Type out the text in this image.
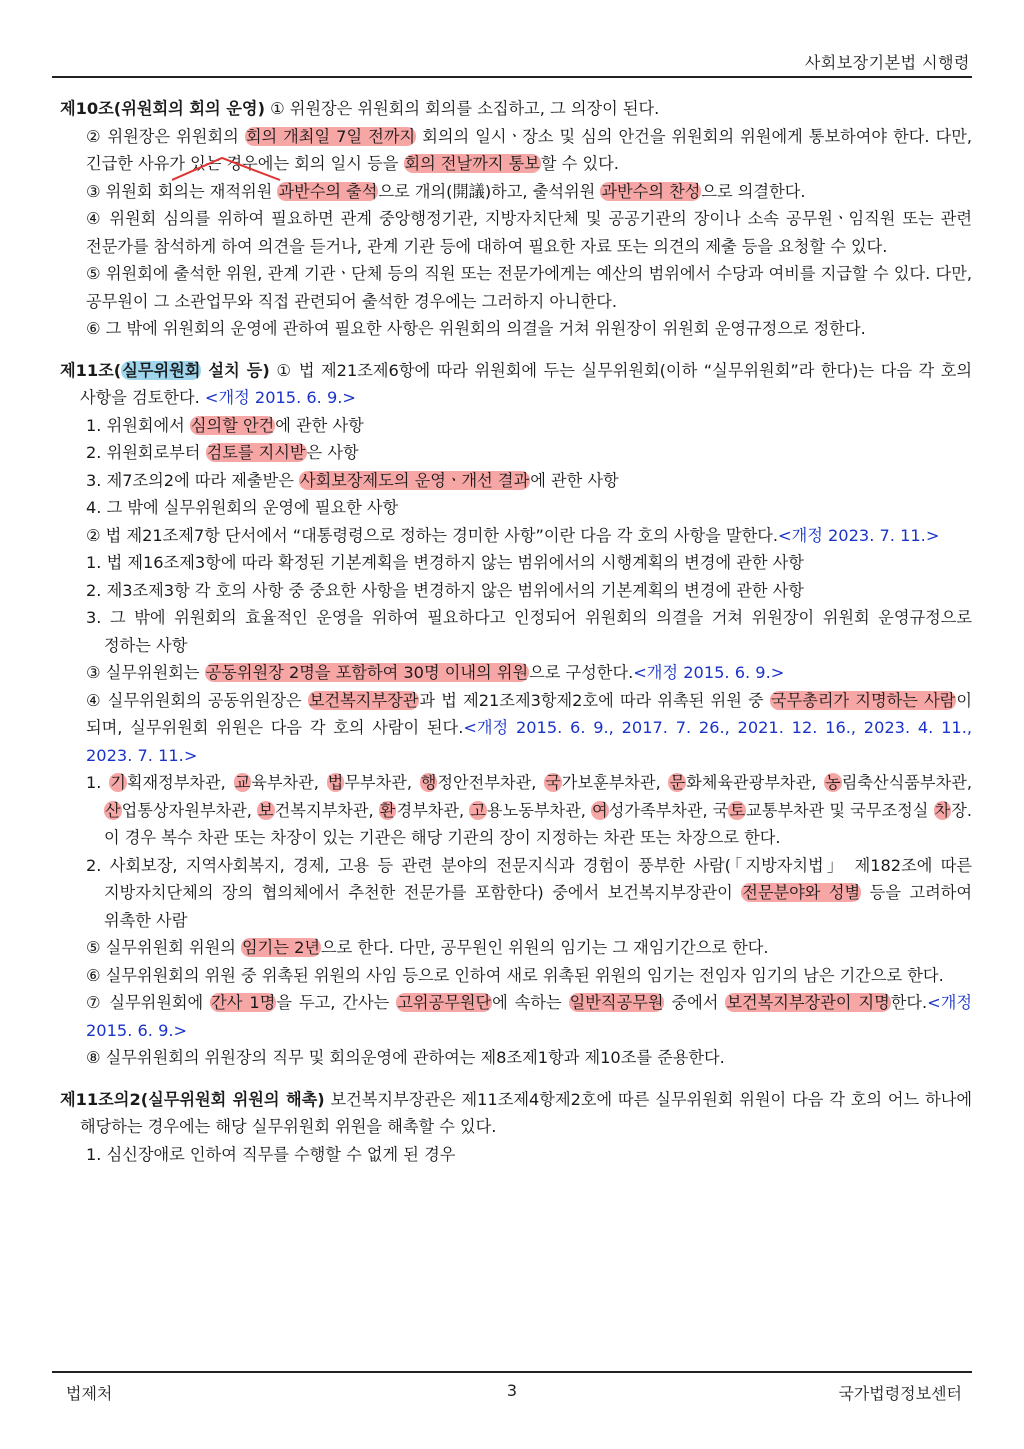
사회보장기본법 시행령

제10조(위원회의 회의 운영) ① 위원장은 위원회의 회의를 소집하고, 그 의장이 된다.

② 위원장은 위원회의 회의 개최일 7일 전까지 회의의 일시ㆍ장소 및 심의 안건을 위원회의 위원에게 통보하여야 한다. 다만, 긴급한 사유가 있는 경우에는 회의 일시 등을 회의 전날까지 통보할 수 있다.

③ 위원회 회의는 재적위원 과반수의 출석으로 개의(開議)하고, 출석위원 과반수의 찬성으로 의결한다.

④ 위원회 심의를 위하여 필요하면 관계 중앙행정기관, 지방자치단체 및 공공기관의 장이나 소속 공무원ㆍ임직원 또는 관련 전문가를 참석하게 하여 의견을 듣거나, 관계 기관 등에 대하여 필요한 자료 또는 의견의 제출 등을 요청할 수 있다.

⑤ 위원회에 출석한 위원, 관계 기관ㆍ단체 등의 직원 또는 전문가에게는 예산의 범위에서 수당과 여비를 지급할 수 있다. 다만, 공무원이 그 소관업무와 직접 관련되어 출석한 경우에는 그러하지 아니한다.

⑥ 그 밖에 위원회의 운영에 관하여 필요한 사항은 위원회의 의결을 거쳐 위원장이 위원회 운영규정으로 정한다.

제11조(실무위원회 설치 등) ① 법 제21조제6항에 따라 위원회에 두는 실무위원회(이하 “실무위원회”라 한다)는 다음 각 호의 사항을 검토한다. <개정 2015. 6. 9.>

1. 위원회에서 심의할 안건에 관한 사항

2. 위원회로부터 검토를 지시받은 사항

3. 제7조의2에 따라 제출받은 사회보장제도의 운영ㆍ개선 결과에 관한 사항

4. 그 밖에 실무위원회의 운영에 필요한 사항

② 법 제21조제7항 단서에서 “대통령령으로 정하는 경미한 사항”이란 다음 각 호의 사항을 말한다.<개정 2023. 7. 11.>

1. 법 제16조제3항에 따라 확정된 기본계획을 변경하지 않는 범위에서의 시행계획의 변경에 관한 사항

2. 제3조제3항 각 호의 사항 중 중요한 사항을 변경하지 않은 범위에서의 기본계획의 변경에 관한 사항

3. 그 밖에 위원회의 효율적인 운영을 위하여 필요하다고 인정되어 위원회의 의결을 거쳐 위원장이 위원회 운영규정으로 정하는 사항

③ 실무위원회는 공동위원장 2명을 포함하여 30명 이내의 위원으로 구성한다.<개정 2015. 6. 9.>

④ 실무위원회의 공동위원장은 보건복지부장관과 법 제21조제3항제2호에 따라 위촉된 위원 중 국무총리가 지명하는 사람이 되며, 실무위원회 위원은 다음 각 호의 사람이 된다.<개정 2015. 6. 9., 2017. 7. 26., 2021. 12. 16., 2023. 4. 11., 2023. 7. 11.>

1. 기획재정부차관, 교육부차관, 법무부차관, 행정안전부차관, 국가보훈부차관, 문화체육관광부차관, 농림축산식품부차관, 산업통상자원부차관, 보건복지부차관, 환경부차관, 고용노동부차관, 여성가족부차관, 국토교통부차관 및 국무조정실 차장. 이 경우 복수 차관 또는 차장이 있는 기관은 해당 기관의 장이 지정하는 차관 또는 차장으로 한다.

2. 사회보장, 지역사회복지, 경제, 고용 등 관련 분야의 전문지식과 경험이 풍부한 사람(「지방자치법」 제182조에 따른 지방자치단체의 장의 협의체에서 추천한 전문가를 포함한다) 중에서 보건복지부장관이 전문분야와 성별 등을 고려하여 위촉한 사람

⑤ 실무위원회 위원의 임기는 2년으로 한다. 다만, 공무원인 위원의 임기는 그 재임기간으로 한다.

⑥ 실무위원회의 위원 중 위촉된 위원의 사임 등으로 인하여 새로 위촉된 위원의 임기는 전임자 임기의 남은 기간으로 한다.

⑦ 실무위원회에 간사 1명을 두고, 간사는 고위공무원단에 속하는 일반직공무원 중에서 보건복지부장관이 지명한다.<개정 2015. 6. 9.>

⑧ 실무위원회의 위원장의 직무 및 회의운영에 관하여는 제8조제1항과 제10조를 준용한다.

제11조의2(실무위원회 위원의 해촉) 보건복지부장관은 제11조제4항제2호에 따른 실무위원회 위원이 다음 각 호의 어느 하나에 해당하는 경우에는 해당 실무위원회 위원을 해촉할 수 있다.

1. 심신장애로 인하여 직무를 수행할 수 없게 된 경우

법제처	3	국가법령정보센터
